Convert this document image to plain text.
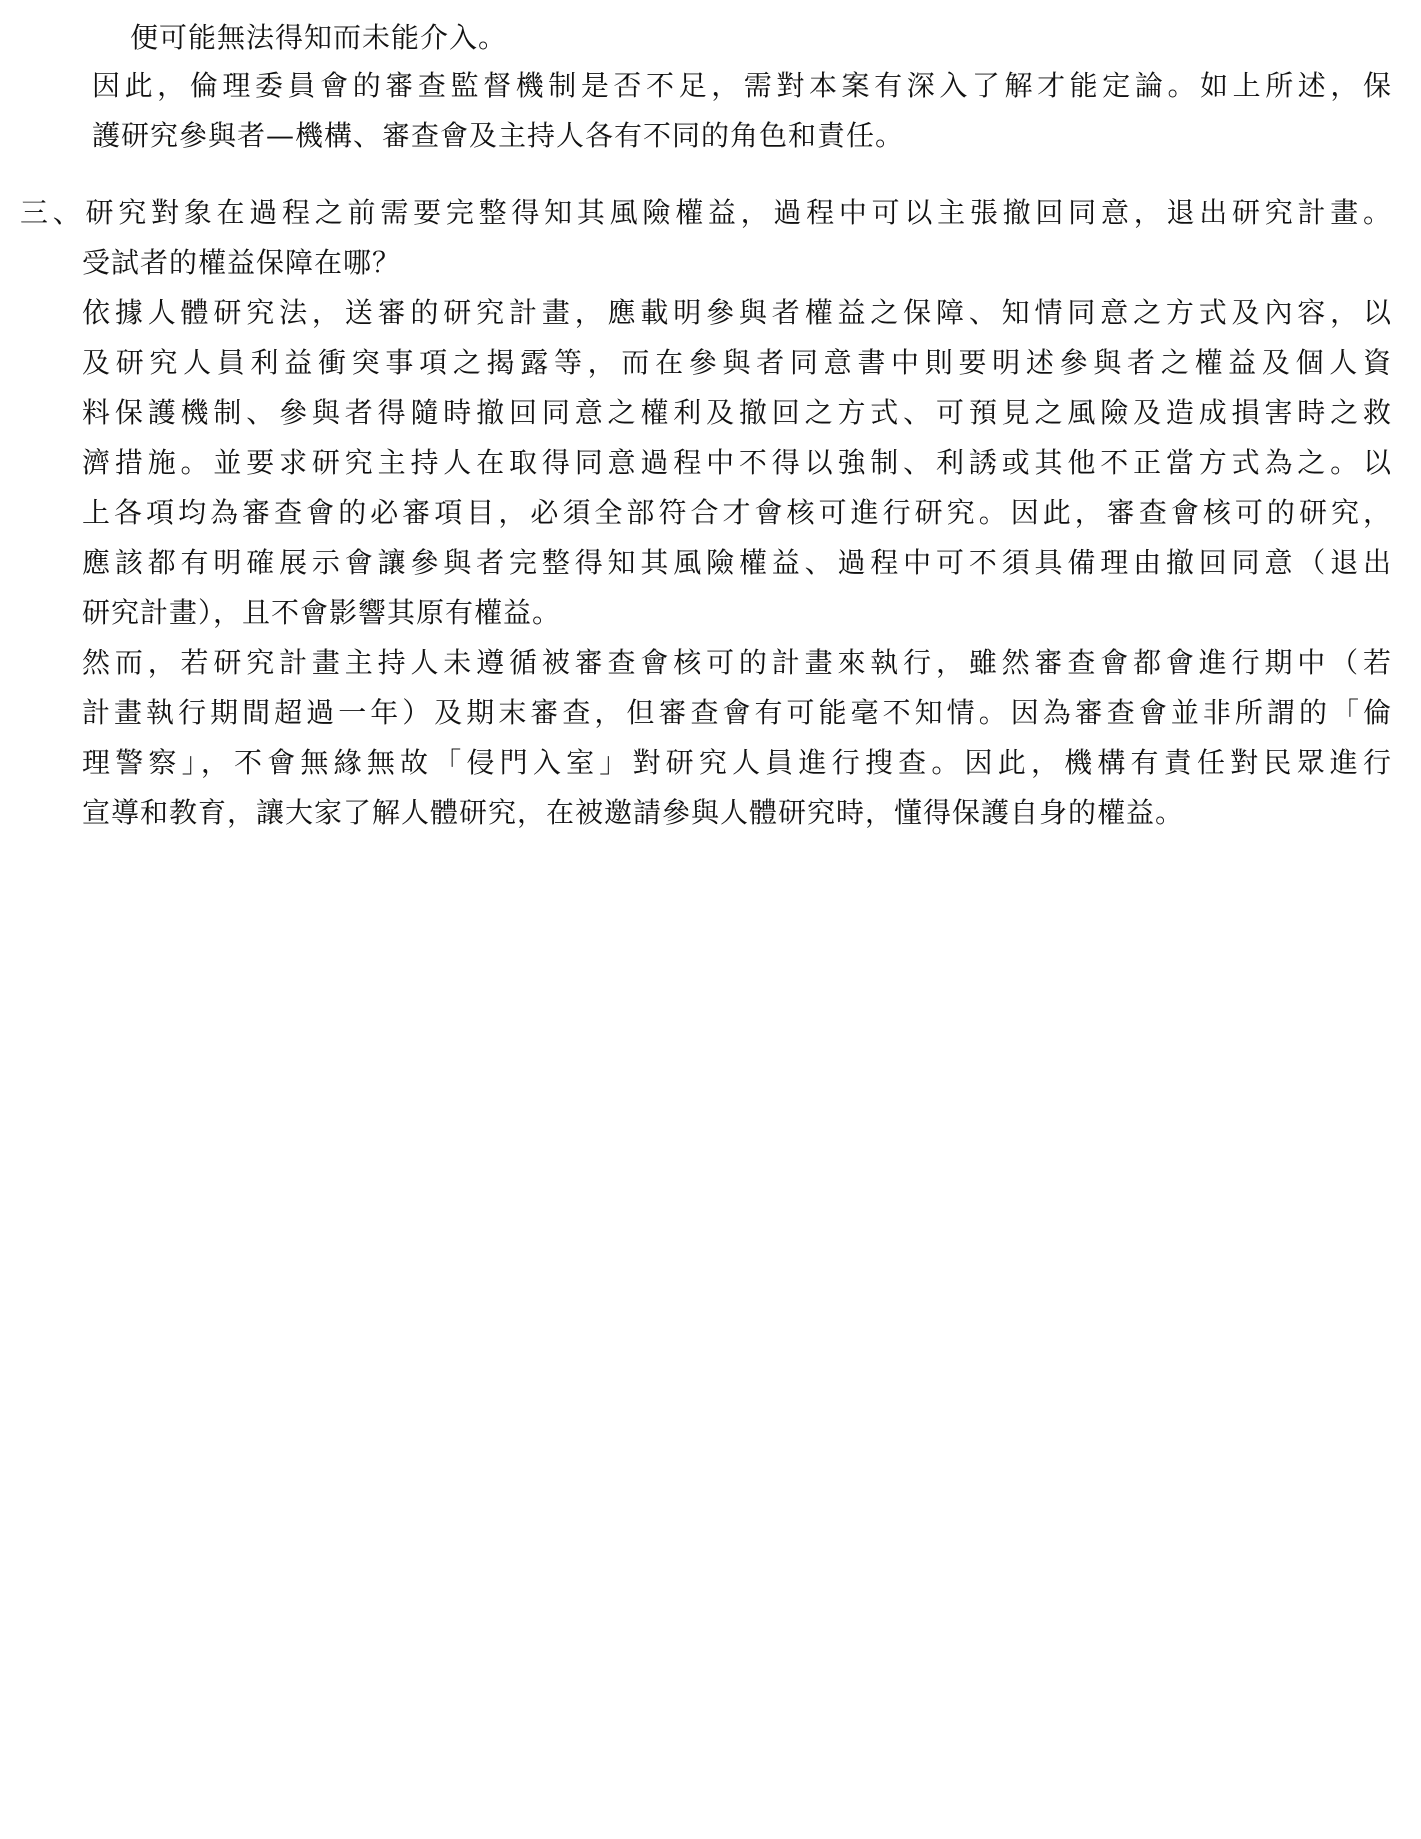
便可能無法得知而未能介入。

因此，倫理委員會的審查監督機制是否不足，需對本案有深入了解才能定論。如上所述，保

護研究參與者—機構、審查會及主持人各有不同的角色和責任。

三、研究對象在過程之前需要完整得知其風險權益，過程中可以主張撤回同意，退出研究計畫。

受試者的權益保障在哪？

依據人體研究法，送審的研究計畫，應載明參與者權益之保障、知情同意之方式及內容，以

及研究人員利益衝突事項之揭露等，而在參與者同意書中則要明述參與者之權益及個人資

料保護機制、參與者得隨時撤回同意之權利及撤回之方式、可預見之風險及造成損害時之救

濟措施。並要求研究主持人在取得同意過程中不得以強制、利誘或其他不正當方式為之。以

上各項均為審查會的必審項目，必須全部符合才會核可進行研究。因此，審查會核可的研究，

應該都有明確展示會讓參與者完整得知其風險權益、過程中可不須具備理由撤回同意（退出

研究計畫），且不會影響其原有權益。

然而，若研究計畫主持人未遵循被審查會核可的計畫來執行，雖然審查會都會進行期中（若

計畫執行期間超過一年）及期末審查，但審查會有可能毫不知情。因為審查會並非所謂的「倫

理警察」，不會無緣無故「侵門入室」對研究人員進行搜查。因此，機構有責任對民眾進行

宣導和教育，讓大家了解人體研究，在被邀請參與人體研究時，懂得保護自身的權益。
